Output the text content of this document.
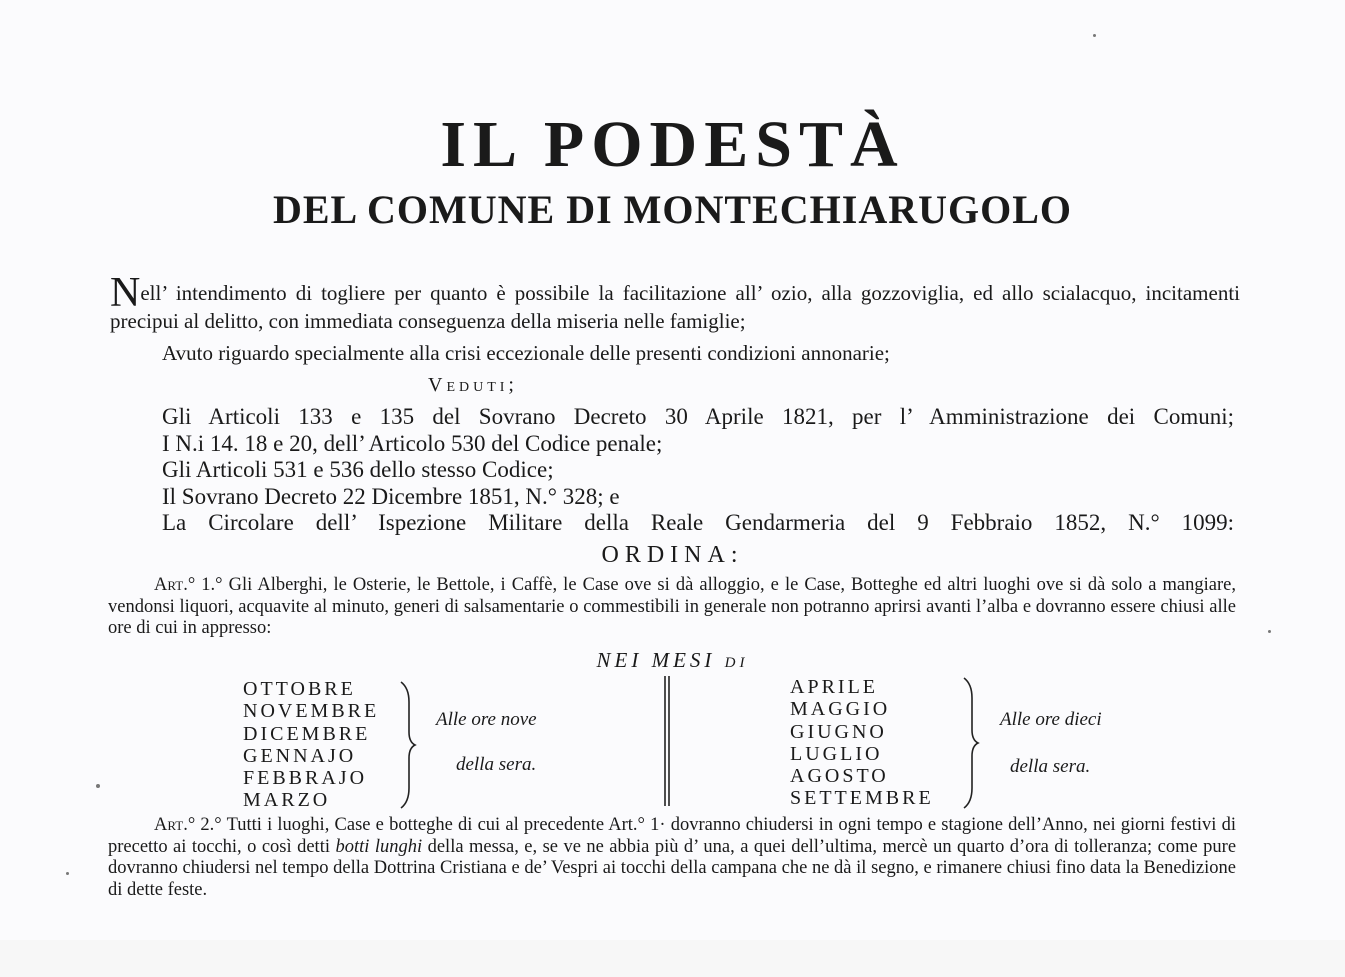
IL PODESTÀ
DEL COMUNE DI MONTECHIARUGOLO
Nell’ intendimento di togliere per quanto è possibile la facilitazione all’ ozio, alla gozzoviglia, ed allo scialacquo, incitamenti precipui al delitto, con immediata conseguenza della miseria nelle famiglie;
Avuto riguardo specialmente alla crisi eccezionale delle presenti condizioni annonarie;
Veduti;
Gli Articoli 133 e 135 del Sovrano Decreto 30 Aprile 1821, per l’ Amministrazione dei Comuni;
I N.i 14. 18 e 20, dell’ Articolo 530 del Codice penale;
Gli Articoli 531 e 536 dello stesso Codice;
Il Sovrano Decreto 22 Dicembre 1851, N.° 328; e
La Circolare dell’ Ispezione Militare della Reale Gendarmeria del 9 Febbraio 1852, N.° 1099:
ORDINA:
Art.° 1.° Gli Alberghi, le Osterie, le Bettole, i Caffè, le Case ove si dà alloggio, e le Case, Botteghe ed altri luoghi ove si dà solo a mangiare, vendonsi liquori, acquavite al minuto, generi di salsamentarie o commestibili in generale non potranno aprirsi avanti l’alba e dovranno essere chiusi alle ore di cui in appresso:
NEI MESI di
OTTOBRE
NOVEMBRE
DICEMBRE
GENNAJO
FEBBRAJO
MARZO
Alle ore nove
della sera.
APRILE
MAGGIO
GIUGNO
LUGLIO
AGOSTO
SETTEMBRE
Alle ore dieci
della sera.
Art.° 2.° Tutti i luoghi, Case e botteghe di cui al precedente Art.° 1· dovranno chiudersi in ogni tempo e stagione dell’Anno, nei giorni festivi di precetto ai tocchi, o così detti botti lunghi della messa, e, se ve ne abbia più d’ una, a quei dell’ultima, mercè un quarto d’ora di tolleranza; come pure dovranno chiudersi nel tempo della Dottrina Cristiana e de’ Vespri ai tocchi della campana che ne dà il segno, e rimanere chiusi fino data la Benedizione di dette feste.
